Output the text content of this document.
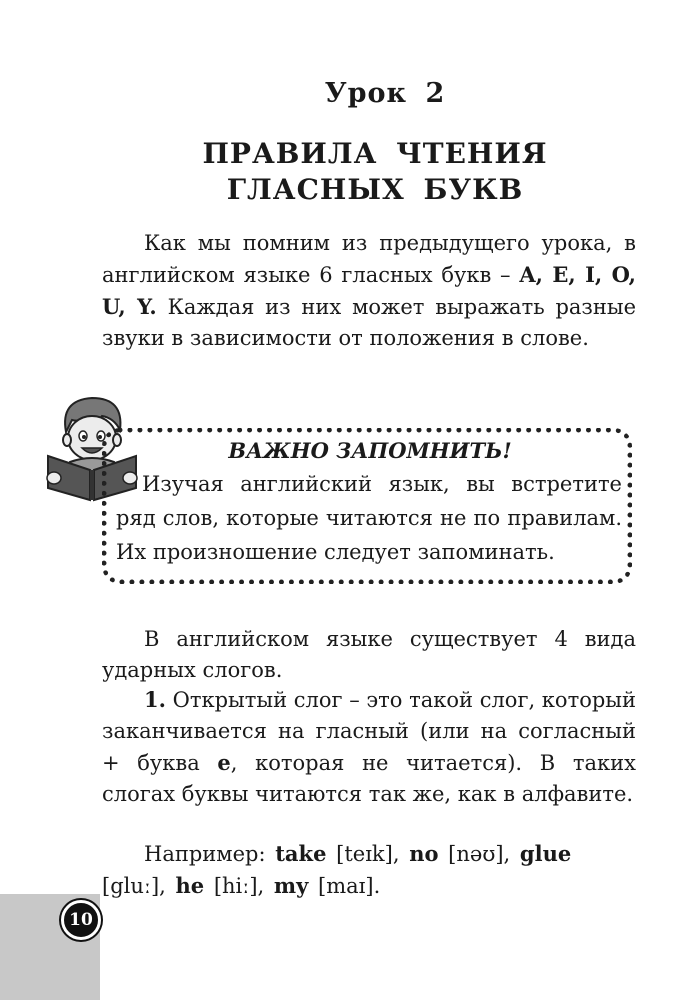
Урок 2
ПРАВИЛА ЧТЕНИЯ
ГЛАСНЫХ БУКВ
Как мы помним из предыдущего урока, в английском языке 6 гласных букв – A, E, I, O, U, Y. Каждая из них может выражать разные звуки в зависимости от положения в слове.
ВАЖНО ЗАПОМНИТЬ!
Изучая английский язык, вы встретите ряд слов, которые читаются не по правилам. Их произношение следует запоминать.
В английском языке существует 4 вида ударных слогов.
1. Открытый слог – это такой слог, который заканчивается на гласный (или на согласный + буква e, которая не читается). В таких слогах буквы читаются так же, как в алфавите.
Например: take [teɪk], no [nəʊ], glue [gluː], he [hiː], my [maɪ].
10
